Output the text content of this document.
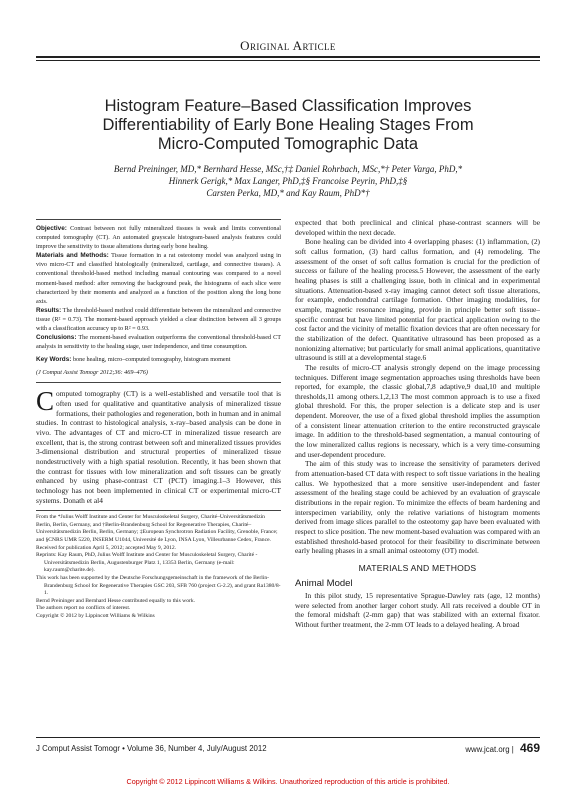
Original Article
Histogram Feature–Based Classification Improves
Differentiability of Early Bone Healing Stages From
Micro-Computed Tomographic Data
Bernd Preininger, MD,* Bernhard Hesse, MSc,†‡ Daniel Rohrbach, MSc,*† Peter Varga, PhD,*
Hinnerk Gerigk,* Max Langer, PhD,‡§ Francoise Peyrin, PhD,‡§
Carsten Perka, MD,* and Kay Raum, PhD*†

Objective: Contrast between not fully mineralized tissues is weak and limits conventional computed tomography (CT). An automated grayscale histogram-based analysis features could improve the sensitivity to tissue alterations during early bone healing.

Materials and Methods: Tissue formation in a rat osteotomy model was analyzed using in vivo micro-CT and classified histologically (mineralized, cartilage, and connective tissues). A conventional threshold-based method including manual contouring was compared to a novel moment-based method: after removing the background peak, the histograms of each slice were characterized by their moments and analyzed as a function of the position along the long bone axis.

Results: The threshold-based method could differentiate between the mineralized and connective tissue (R² = 0.73). The moment-based approach yielded a clear distinction between all 3 groups with a classification accuracy up to R² = 0.93.

Conclusions: The moment-based evaluation outperforms the conventional threshold-based CT analysis in sensitivity to the healing stage, user independence, and time consumption.

Key Words: bone healing, micro–computed tomography, histogram moment

(J Comput Assist Tomogr 2012;36: 469–476)

Computed tomography (CT) is a well-established and versatile tool that is often used for qualitative and quantitative analysis of mineralized tissue formations, their pathologies and regeneration, both in human and in animal studies. In contrast to histological analysis, x-ray–based analysis can be done in vivo. The advantages of CT and micro-CT in mineralized tissue research are excellent, that is, the strong contrast between soft and mineralized tissues provides 3-dimensional distribution and structural properties of mineralized tissue nondestructively with a high spatial resolution. Recently, it has been shown that the contrast for tissues with low mineralization and soft tissues can be greatly enhanced by using phase-contrast CT (PCT) imaging.1–3 However, this technology has not been implemented in clinical CT or experimental micro-CT systems. Donath et al4

From the *Julius Wolff Institute and Center for Musculoskeletal Surgery, Charité–Universitätsmedizin Berlin, Berlin, Germany, and †Berlin-Brandenburg School for Regenerative Therapies, Charité–Universitätsmedizin Berlin, Berlin, Germany; ‡European Synchrotron Radiation Facility, Grenoble, France; and §CNRS UMR 5220, INSERM U1044, Université de Lyon, INSA Lyon, Villeurbanne Cedex, France.

Received for publication April 5, 2012; accepted May 9, 2012.

Reprints: Kay Raum, PhD, Julius Wolff Institute and Center for Musculoskeletal Surgery, Charité - Universitätsmedizin Berlin, Augustenburger Platz 1, 13353 Berlin, Germany (e-mail: kay.raum@charite.de).

This work has been supported by the Deutsche Forschungsgemeinschaft in the framework of the Berlin-Brandenburg School for Regenerative Therapies GSC 203, SFB 760 (project G-2.2), and grant Ra1380/8-1.

Bernd Preininger and Bernhard Hesse contributed equally to this work.

The authors report no conflicts of interest.

Copyright © 2012 by Lippincott Williams & Wilkins

expected that both preclinical and clinical phase-contrast scanners will be developed within the next decade.

Bone healing can be divided into 4 overlapping phases: (1) inflammation, (2) soft callus formation, (3) hard callus formation, and (4) remodeling. The assessment of the onset of soft callus formation is crucial for the prediction of success or failure of the healing process.5 However, the assessment of the early healing phases is still a challenging issue, both in clinical and in experimental situations. Attenuation-based x-ray imaging cannot detect soft tissue alterations, for example, endochondral cartilage formation. Other imaging modalities, for example, magnetic resonance imaging, provide in principle better soft tissue–specific contrast but have limited potential for practical application owing to the cost factor and the vicinity of metallic fixation devices that are often necessary for the stabilization of the defect. Quantitative ultrasound has been proposed as a nonionizing alternative; but particularly for small animal applications, quantitative ultrasound is still at a developmental stage.6

The results of micro-CT analysis strongly depend on the image processing techniques. Different image segmentation approaches using thresholds have been reported, for example, the classic global,7,8 adaptive,9 dual,10 and multiple thresholds,11 among others.1,2,13 The most common approach is to use a fixed global threshold. For this, the proper selection is a delicate step and is user dependent. Moreover, the use of a fixed global threshold implies the assumption of a consistent linear attenuation criterion to the entire reconstructed grayscale image. In addition to the threshold-based segmentation, a manual contouring of the low mineralized callus regions is necessary, which is a very time-consuming and user-dependent procedure.

The aim of this study was to increase the sensitivity of parameters derived from attenuation-based CT data with respect to soft tissue variations in the healing callus. We hypothesized that a more sensitive user-independent and faster assessment of the healing stage could be achieved by an evaluation of grayscale distributions in the repair region. To minimize the effects of beam hardening and interspecimen variability, only the relative variations of histogram moments derived from image slices parallel to the osteotomy gap have been evaluated with respect to slice position. The new moment-based evaluation was compared with an established threshold-based protocol for their feasibility to discriminate between early healing phases in a small animal osteotomy (OT) model.

MATERIALS AND METHODS
Animal Model

In this pilot study, 15 representative Sprague-Dawley rats (age, 12 months) were selected from another larger cohort study. All rats received a double OT in the femoral midshaft (2-mm gap) that was stabilized with an external fixator. Without further treatment, the 2-mm OT leads to a delayed healing. A broad

J Comput Assist Tomogr • Volume 36, Number 4, July/August 2012	www.jcat.org | 469
Copyright © 2012 Lippincott Williams & Wilkins. Unauthorized reproduction of this article is prohibited.
